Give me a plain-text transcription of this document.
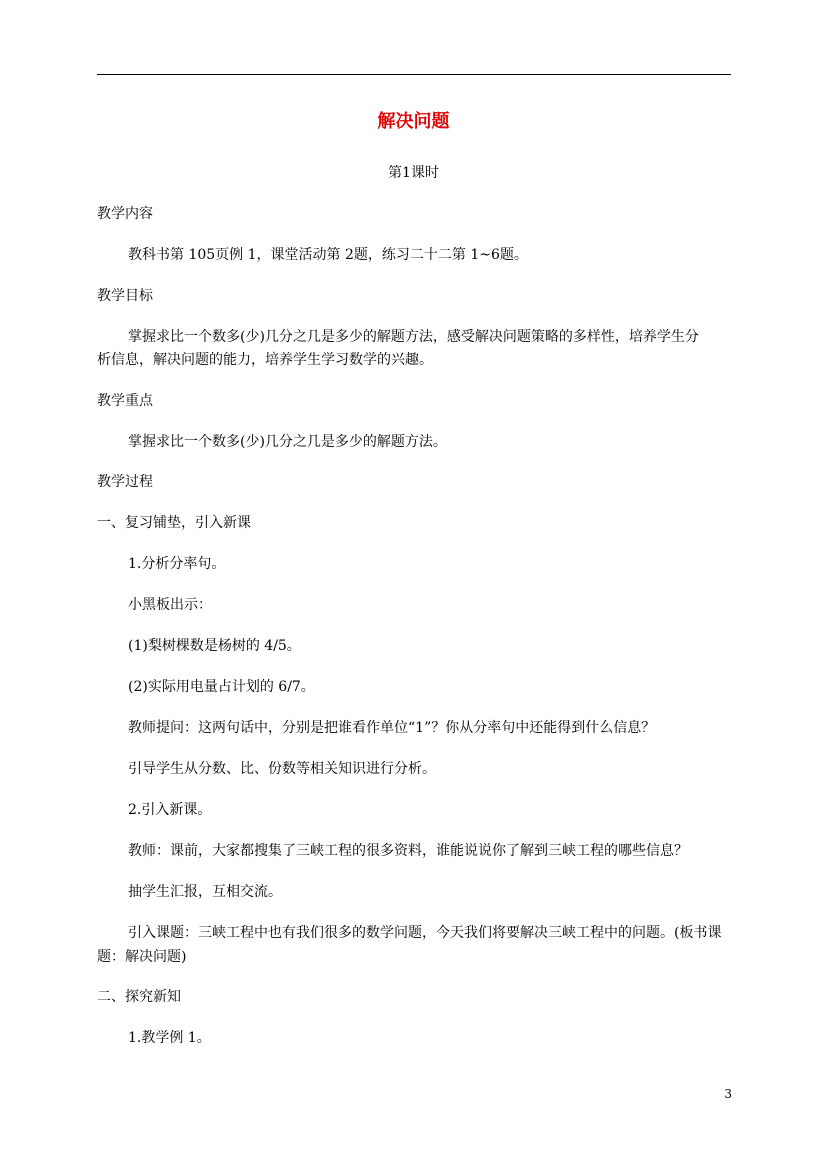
解决问题
第1课时
教学内容
教科书第 105页例 1，课堂活动第 2题，练习二十二第 1~6题。
教学目标
掌握求比一个数多(少)几分之几是多少的解题方法，感受解决问题策略的多样性，培养学生分
析信息，解决问题的能力，培养学生学习数学的兴趣。
教学重点
掌握求比一个数多(少)几分之几是多少的解题方法。
教学过程
一、复习铺垫，引入新课
1.分析分率句。
小黑板出示：
(1)梨树棵数是杨树的 4/5。
(2)实际用电量占计划的 6/7。
教师提问：这两句话中，分别是把谁看作单位“1”？你从分率句中还能得到什么信息？
引导学生从分数、比、份数等相关知识进行分析。
2.引入新课。
教师：课前，大家都搜集了三峡工程的很多资料，谁能说说你了解到三峡工程的哪些信息？
抽学生汇报，互相交流。
引入课题：三峡工程中也有我们很多的数学问题，今天我们将要解决三峡工程中的问题。(板书课题：解决问题)
二、探究新知
1.教学例 1。
3
